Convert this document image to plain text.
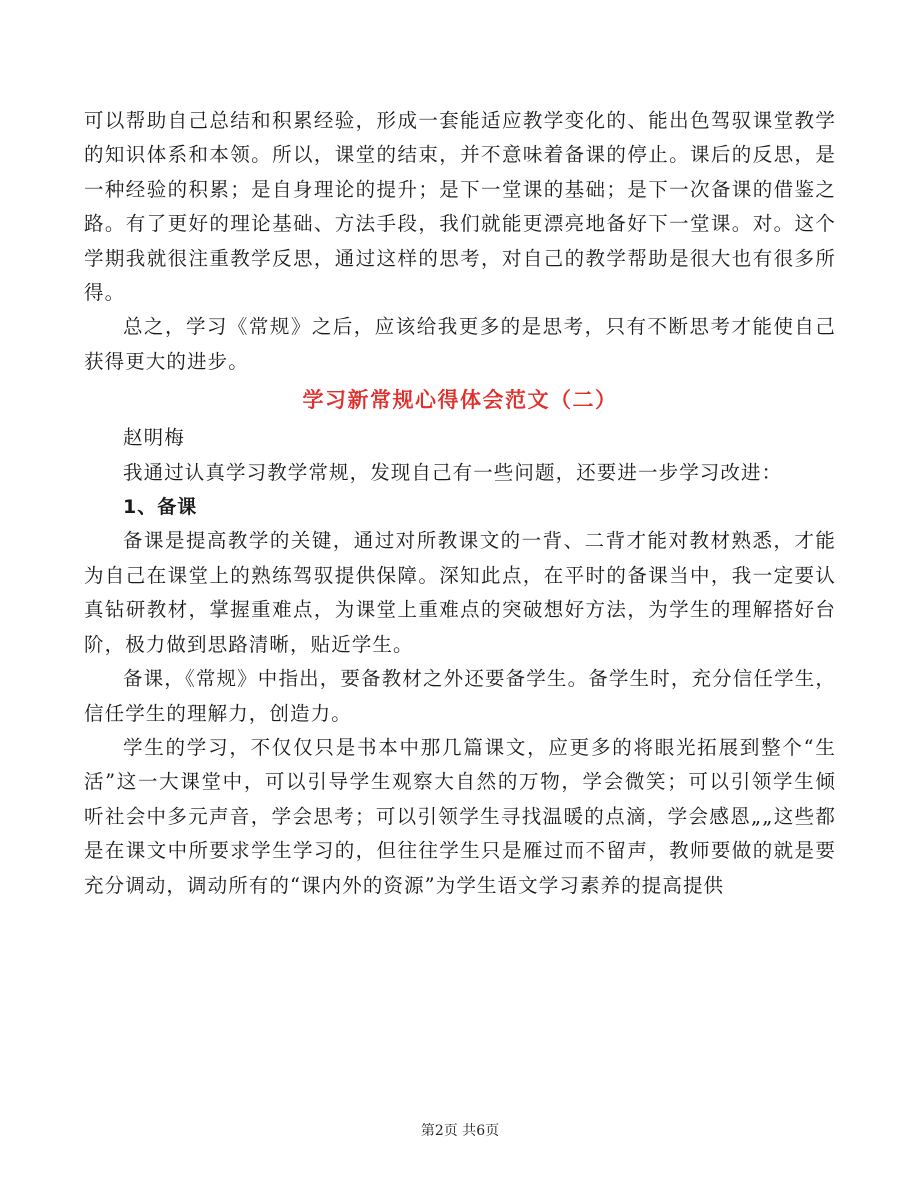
可以帮助自己总结和积累经验，形成一套能适应教学变化的、能出色驾驭课堂教学的知识体系和本领。所以，课堂的结束，并不意味着备课的停止。课后的反思，是一种经验的积累；是自身理论的提升；是下一堂课的基础；是下一次备课的借鉴之路。有了更好的理论基础、方法手段，我们就能更漂亮地备好下一堂课。对。这个学期我就很注重教学反思，通过这样的思考，对自己的教学帮助是很大也有很多所得。

总之，学习《常规》之后，应该给我更多的是思考，只有不断思考才能使自己获得更大的进步。

学习新常规心得体会范文（二）

赵明梅

我通过认真学习教学常规，发现自己有一些问题，还要进一步学习改进：

1、备课

备课是提高教学的关键，通过对所教课文的一背、二背才能对教材熟悉，才能为自己在课堂上的熟练驾驭提供保障。深知此点，在平时的备课当中，我一定要认真钻研教材，掌握重难点，为课堂上重难点的突破想好方法，为学生的理解搭好台阶，极力做到思路清晰，贴近学生。

备课，《常规》中指出，要备教材之外还要备学生。备学生时，充分信任学生，信任学生的理解力，创造力。

学生的学习，不仅仅只是书本中那几篇课文，应更多的将眼光拓展到整个“生活”这一大课堂中，可以引导学生观察大自然的万物，学会微笑；可以引领学生倾听社会中多元声音，学会思考；可以引领学生寻找温暖的点滴，学会感恩„„这些都是在课文中所要求学生学习的，但往往学生只是雁过而不留声，教师要做的就是要充分调动，调动所有的“课内外的资源”为学生语文学习素养的提高提供

第2页 共6页
